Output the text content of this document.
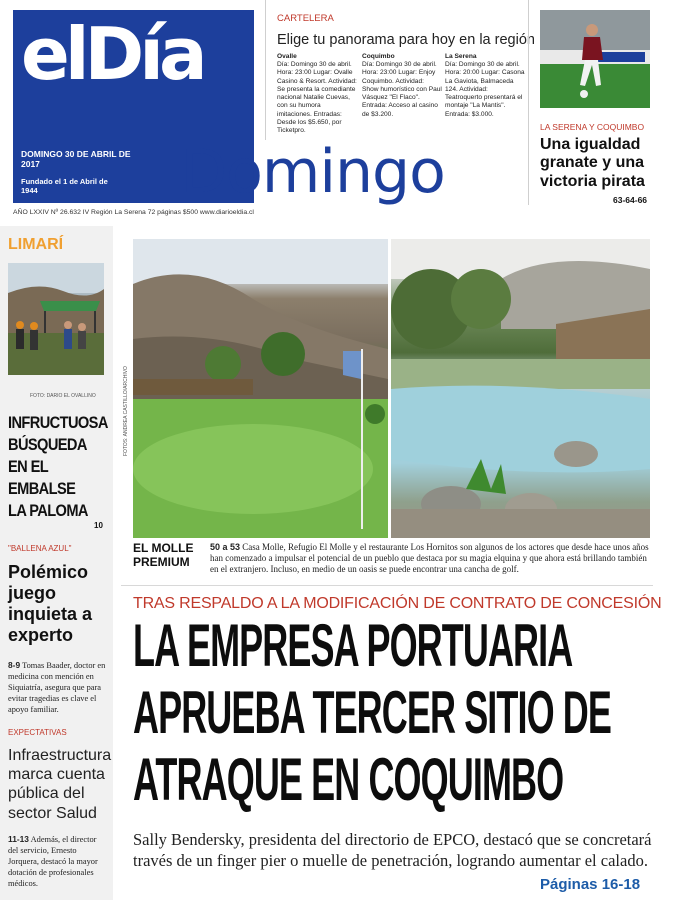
elDía
DOMINGO 30 DE ABRIL DE 2017
Fundado el 1 de Abril de 1944	Domingo
CARTELERA
Elige tu panorama para hoy en la región
Ovalle
Día: Domingo 30 de abril. Hora: 23:00 Lugar: Ovalle Casino & Resort. Actividad: Se presenta la comediante nacional Natalie Cuevas, con su humora imitaciones. Entradas: Desde los $5.650, por Ticketpro.
Coquimbo
Día: Domingo 30 de abril. Hora: 23:00 Lugar: Enjoy Coquimbo. Actividad: Show humorístico con Paul Vásquez "El Flaco". Entrada: Acceso al casino de $3.200.
La Serena
Día: Domingo 30 de abril. Hora: 20:00 Lugar: Casona La Gaviota, Balmaceda 124. Actividad: Teatroquerto presentará el montaje "La Mantis". Entrada: $3.000.
LA SERENA Y COQUIMBO
Una igualdad granate y una victoria pirata
63-64-66
AÑO LXXIV Nº 26.632 IV Región La Serena 72 páginas $500 www.diarioeldia.cl
LIMARÍ
FOTO: DARIO EL OVALLINO
INFRUCTUOSA BÚSQUEDA EN EL EMBALSE LA PALOMA
10
"BALLENA AZUL"
Polémico juego inquieta a experto
8-9 Tomas Baader, doctor en medicina con mención en Siquiatría, asegura que para evitar tragedias es clave el apoyo familiar.
EXPECTATIVAS
Infraestructura marca cuenta pública del sector Salud
11-13 Además, el director del servicio, Ernesto Jorquera, destacó la mayor dotación de profesionales médicos.
FOTOS: ANDREA CASTILLO/ARCHIVO
EL MOLLE PREMIUM
50 a 53 Casa Molle, Refugio El Molle y el restaurante Los Hornitos son algunos de los actores que desde hace unos años han comenzado a impulsar el potencial de un pueblo que destaca por su magia elquina y que ahora está brillando también en el extranjero. Incluso, en medio de un oasis se puede encontrar una cancha de golf.
TRAS RESPALDO A LA MODIFICACIÓN DE CONTRATO DE CONCESIÓN
LA EMPRESA PORTUARIA
APRUEBA TERCER SITIO DE
ATRAQUE EN COQUIMBO
Sally Bendersky, presidenta del directorio de EPCO, destacó que se concretará través de un finger pier o muelle de penetración, logrando aumentar el calado.
Páginas 16-18
